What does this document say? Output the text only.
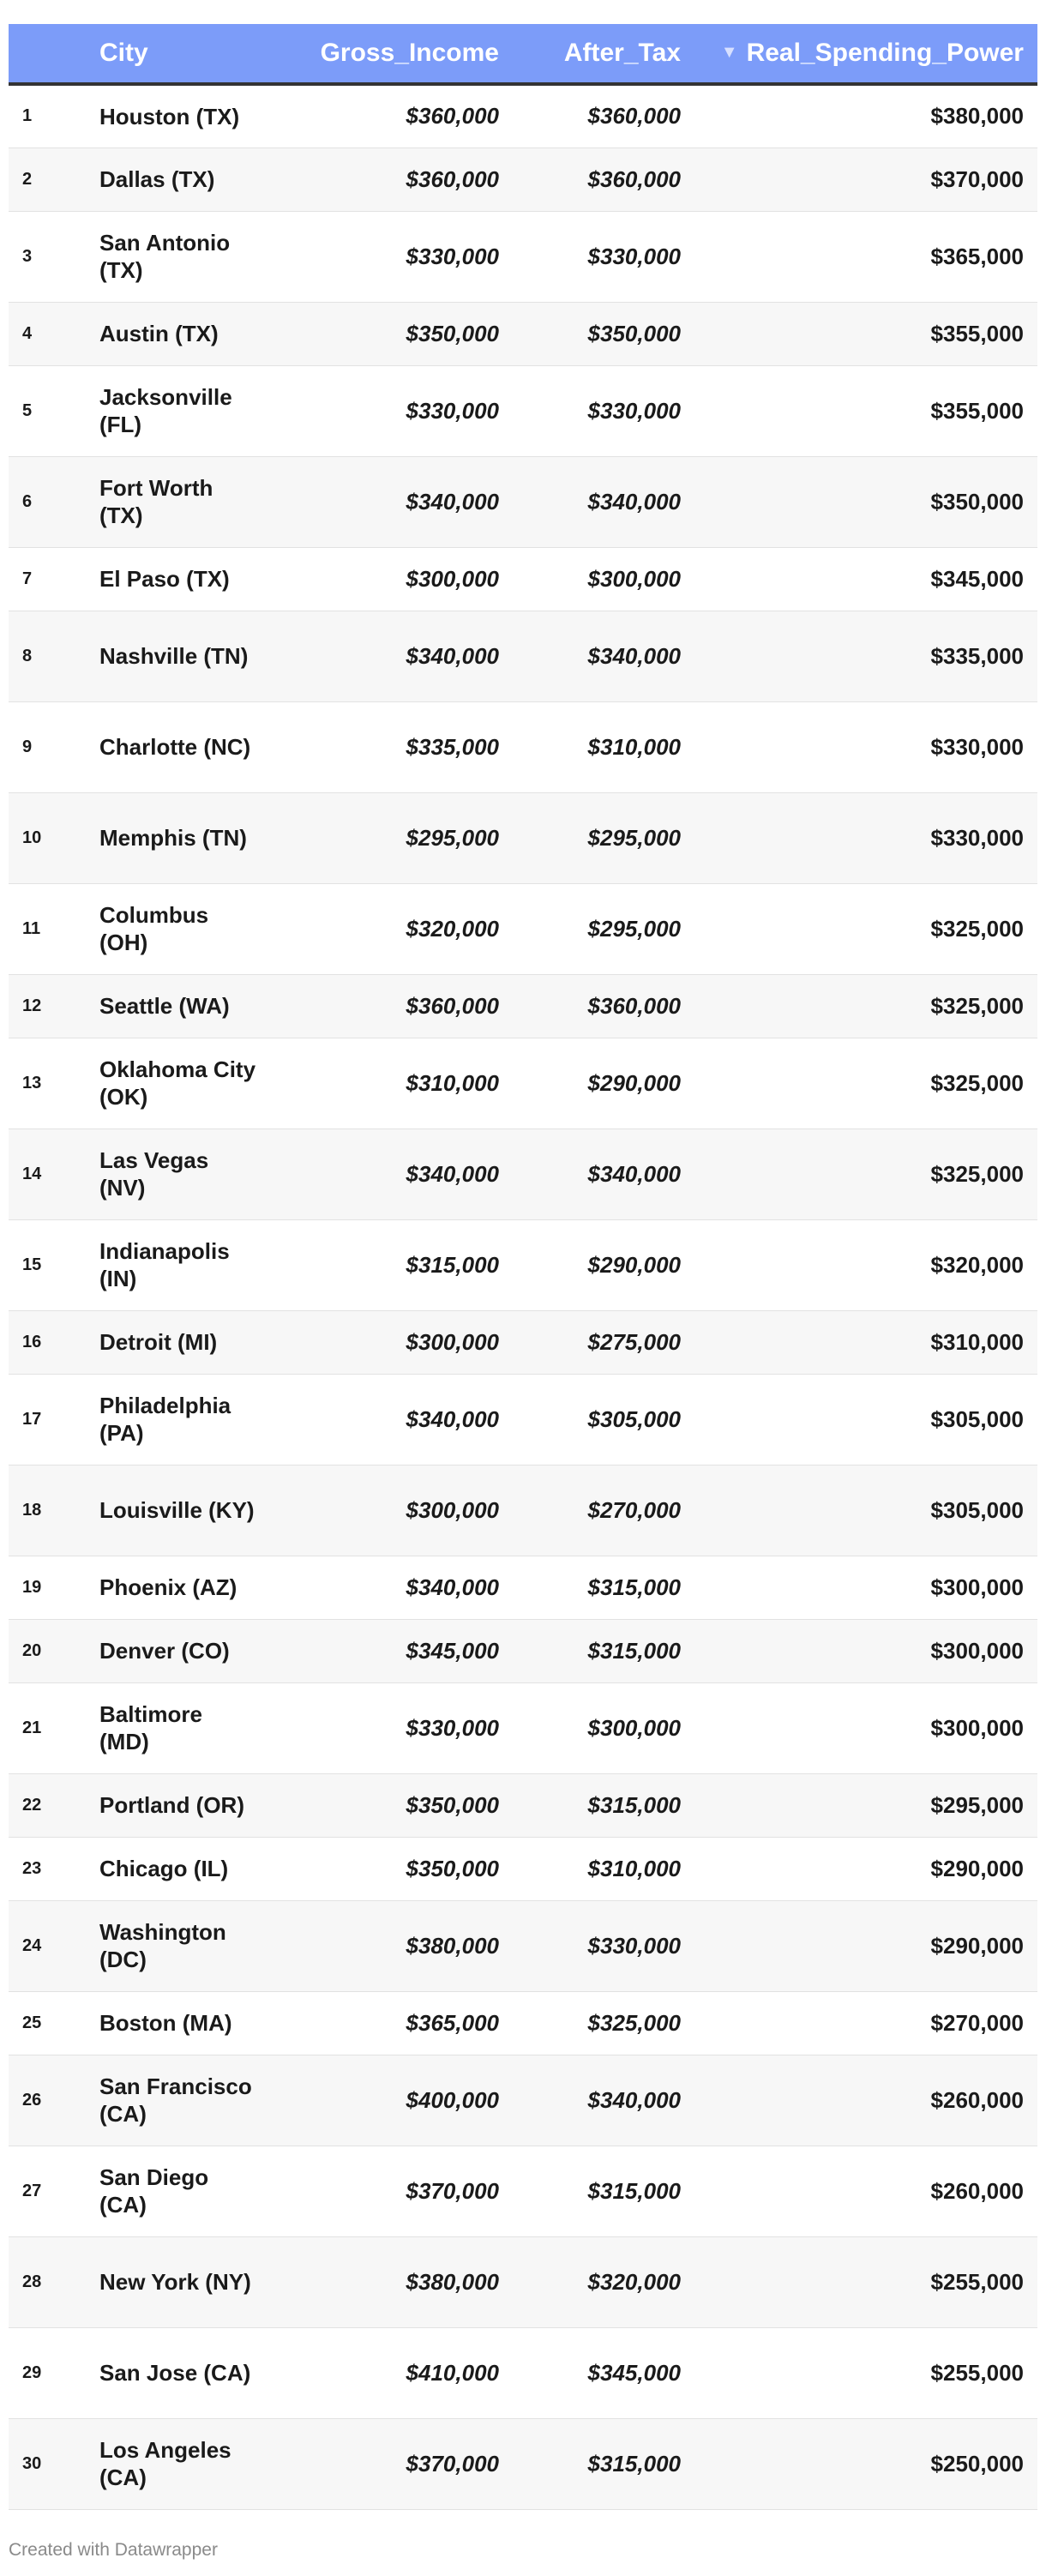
	City	Gross_Income	After_Tax	▼ Real_Spending_Power
1	Houston (TX)	$360,000	$360,000	$380,000
2	Dallas (TX)	$360,000	$360,000	$370,000
3	San Antonio (TX)	$330,000	$330,000	$365,000
4	Austin (TX)	$350,000	$350,000	$355,000
5	Jacksonville (FL)	$330,000	$330,000	$355,000
6	Fort Worth (TX)	$340,000	$340,000	$350,000
7	El Paso (TX)	$300,000	$300,000	$345,000
8	Nashville (TN)	$340,000	$340,000	$335,000
9	Charlotte (NC)	$335,000	$310,000	$330,000
10	Memphis (TN)	$295,000	$295,000	$330,000
11	Columbus (OH)	$320,000	$295,000	$325,000
12	Seattle (WA)	$360,000	$360,000	$325,000
13	Oklahoma City (OK)	$310,000	$290,000	$325,000
14	Las Vegas (NV)	$340,000	$340,000	$325,000
15	Indianapolis (IN)	$315,000	$290,000	$320,000
16	Detroit (MI)	$300,000	$275,000	$310,000
17	Philadelphia (PA)	$340,000	$305,000	$305,000
18	Louisville (KY)	$300,000	$270,000	$305,000
19	Phoenix (AZ)	$340,000	$315,000	$300,000
20	Denver (CO)	$345,000	$315,000	$300,000
21	Baltimore (MD)	$330,000	$300,000	$300,000
22	Portland (OR)	$350,000	$315,000	$295,000
23	Chicago (IL)	$350,000	$310,000	$290,000
24	Washington (DC)	$380,000	$330,000	$290,000
25	Boston (MA)	$365,000	$325,000	$270,000
26	San Francisco (CA)	$400,000	$340,000	$260,000
27	San Diego (CA)	$370,000	$315,000	$260,000
28	New York (NY)	$380,000	$320,000	$255,000
29	San Jose (CA)	$410,000	$345,000	$255,000
30	Los Angeles (CA)	$370,000	$315,000	$250,000
Created with Datawrapper
